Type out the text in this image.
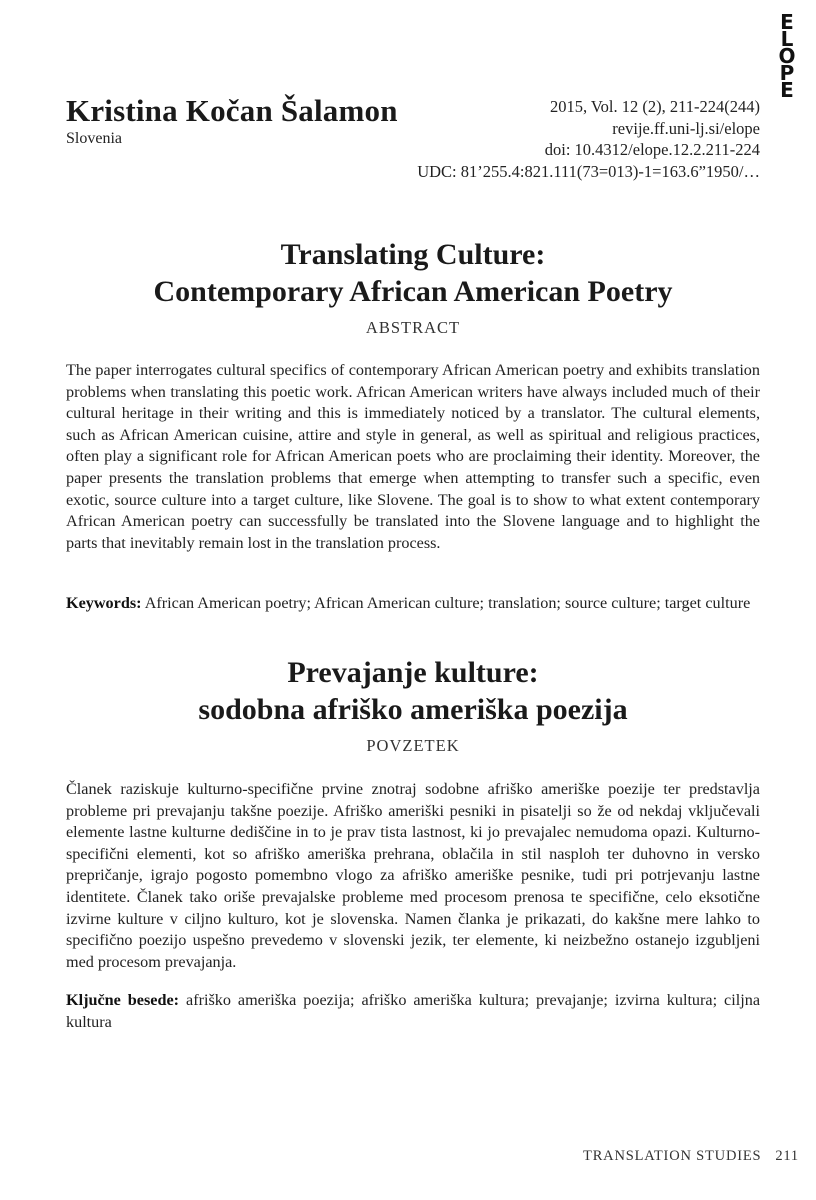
E
L
O
P
E
Kristina Kočan Šalamon
Slovenia
2015, Vol. 12 (2), 211-224(244)
revije.ff.uni-lj.si/elope
doi: 10.4312/elope.12.2.211-224
UDC: 81’255.4:821.111(73=013)-1=163.6”1950/…
Translating Culture:
Contemporary African American Poetry
ABSTRACT
The paper interrogates cultural specifics of contemporary African American poetry and exhibits translation problems when translating this poetic work. African American writers have always included much of their cultural heritage in their writing and this is immediately noticed by a translator. The cultural elements, such as African American cuisine, attire and style in general, as well as spiritual and religious practices, often play a significant role for African American poets who are proclaiming their identity. Moreover, the paper presents the translation problems that emerge when attempting to transfer such a specific, even exotic, source culture into a target culture, like Slovene. The goal is to show to what extent contemporary African American poetry can successfully be translated into the Slovene language and to highlight the parts that inevitably remain lost in the translation process.
Keywords: African American poetry; African American culture; translation; source culture; target culture
Prevajanje kulture:
sodobna afriško ameriška poezija
POVZETEK
Članek raziskuje kulturno-specifične prvine znotraj sodobne afriško ameriške poezije ter predstavlja probleme pri prevajanju takšne poezije. Afriško ameriški pesniki in pisatelji so že od nekdaj vključevali elemente lastne kulturne dediščine in to je prav tista lastnost, ki jo prevajalec nemudoma opazi. Kulturno-specifični elementi, kot so afriško ameriška prehrana, oblačila in stil nasploh ter duhovno in versko prepričanje, igrajo pogosto pomembno vlogo za afriško ameriške pesnike, tudi pri potrjevanju lastne identitete. Članek tako oriše prevajalske probleme med procesom prenosa te specifične, celo eksotične izvirne kulture v ciljno kulturo, kot je slovenska. Namen članka je prikazati, do kakšne mere lahko to specifično poezijo uspešno prevedemo v slovenski jezik, ter elemente, ki neizbežno ostanejo izgubljeni med procesom prevajanja.
Ključne besede: afriško ameriška poezija; afriško ameriška kultura; prevajanje; izvirna kultura; ciljna kultura
TRANSLATION STUDIES 211
